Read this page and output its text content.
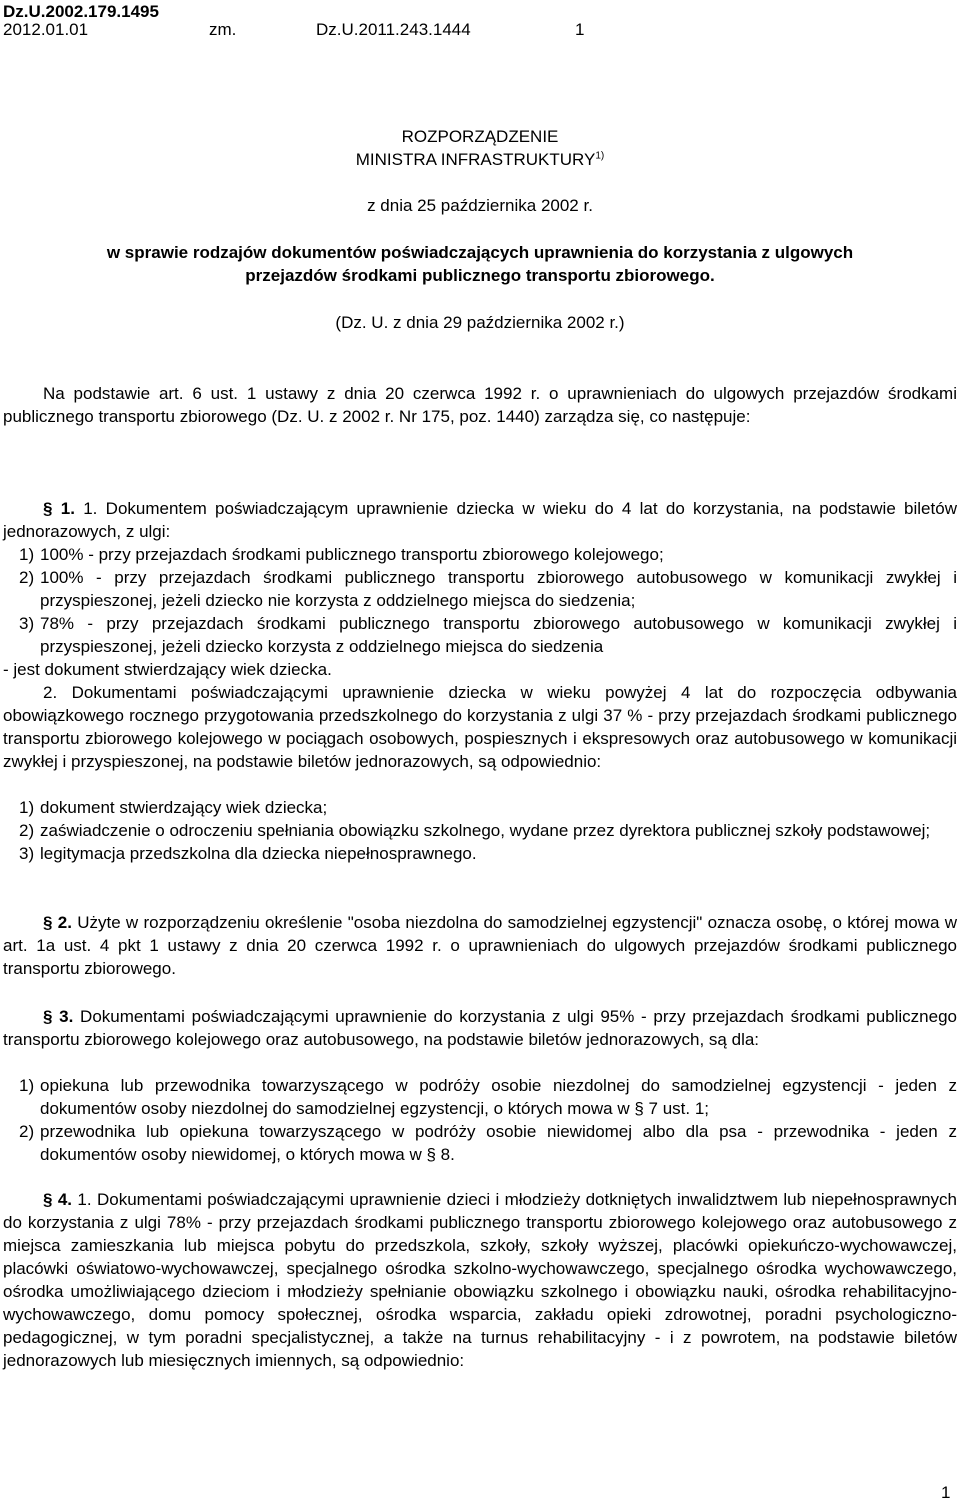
Dz.U.2002.179.1495
2012.01.01	zm.	Dz.U.2011.243.1444	1
ROZPORZĄDZENIE
MINISTRA INFRASTRUKTURY$^{1)}$
z dnia 25 października 2002 r.
w sprawie rodzajów dokumentów poświadczających uprawnienia do korzystania z ulgowych
przejazdów środkami publicznego transportu zbiorowego.
(Dz. U. z dnia 29 października 2002 r.)

Na podstawie art. 6 ust. 1 ustawy z dnia 20 czerwca 1992 r. o uprawnieniach do ulgowych przejazdów środkami publicznego transportu zbiorowego (Dz. U. z 2002 r. Nr 175, poz. 1440) zarządza się, co następuje:

§ 1. 1. Dokumentem poświadczającym uprawnienie dziecka w wieku do 4 lat do korzystania, na podstawie biletów jednorazowych, z ulgi:

1) 100% - przy przejazdach środkami publicznego transportu zbiorowego kolejowego;
2) 100% - przy przejazdach środkami publicznego transportu zbiorowego autobusowego w komunikacji zwykłej i przyspieszonej, jeżeli dziecko nie korzysta z oddzielnego miejsca do siedzenia;
3) 78% - przy przejazdach środkami publicznego transportu zbiorowego autobusowego w komunikacji zwykłej i przyspieszonej, jeżeli dziecko korzysta z oddzielnego miejsca do siedzenia
- jest dokument stwierdzający wiek dziecka.

2. Dokumentami poświadczającymi uprawnienie dziecka w wieku powyżej 4 lat do rozpoczęcia odbywania obowiązkowego rocznego przygotowania przedszkolnego do korzystania z ulgi 37 % - przy przejazdach środkami publicznego transportu zbiorowego kolejowego w pociągach osobowych, pospiesznych i ekspresowych oraz autobusowego w komunikacji zwykłej i przyspieszonej, na podstawie biletów jednorazowych, są odpowiednio:

1) dokument stwierdzający wiek dziecka;
2) zaświadczenie o odroczeniu spełniania obowiązku szkolnego, wydane przez dyrektora publicznej szkoły podstawowej;
3) legitymacja przedszkolna dla dziecka niepełnosprawnego.

§ 2. Użyte w rozporządzeniu określenie "osoba niezdolna do samodzielnej egzystencji" oznacza osobę, o której mowa w art. 1a ust. 4 pkt 1 ustawy z dnia 20 czerwca 1992 r. o uprawnieniach do ulgowych przejazdów środkami publicznego transportu zbiorowego.

§ 3. Dokumentami poświadczającymi uprawnienie do korzystania z ulgi 95% - przy przejazdach środkami publicznego transportu zbiorowego kolejowego oraz autobusowego, na podstawie biletów jednorazowych, są dla:

1) opiekuna lub przewodnika towarzyszącego w podróży osobie niezdolnej do samodzielnej egzystencji - jeden z dokumentów osoby niezdolnej do samodzielnej egzystencji, o których mowa w § 7 ust. 1;
2) przewodnika lub opiekuna towarzyszącego w podróży osobie niewidomej albo dla psa - przewodnika - jeden z dokumentów osoby niewidomej, o których mowa w § 8.

§ 4. 1. Dokumentami poświadczającymi uprawnienie dzieci i młodzieży dotkniętych inwalidztwem lub niepełnosprawnych do korzystania z ulgi 78% - przy przejazdach środkami publicznego transportu zbiorowego kolejowego oraz autobusowego z miejsca zamieszkania lub miejsca pobytu do przedszkola, szkoły, szkoły wyższej, placówki opiekuńczo-wychowawczej, placówki oświatowo-wychowawczej, specjalnego ośrodka szkolno-wychowawczego, specjalnego ośrodka wychowawczego, ośrodka umożliwiającego dzieciom i młodzieży spełnianie obowiązku szkolnego i obowiązku nauki, ośrodka rehabilitacyjno-wychowawczego, domu pomocy społecznej, ośrodka wsparcia, zakładu opieki zdrowotnej, poradni psychologiczno-pedagogicznej, w tym poradni specjalistycznej, a także na turnus rehabilitacyjny - i z powrotem, na podstawie biletów jednorazowych lub miesięcznych imiennych, są odpowiednio:

1
